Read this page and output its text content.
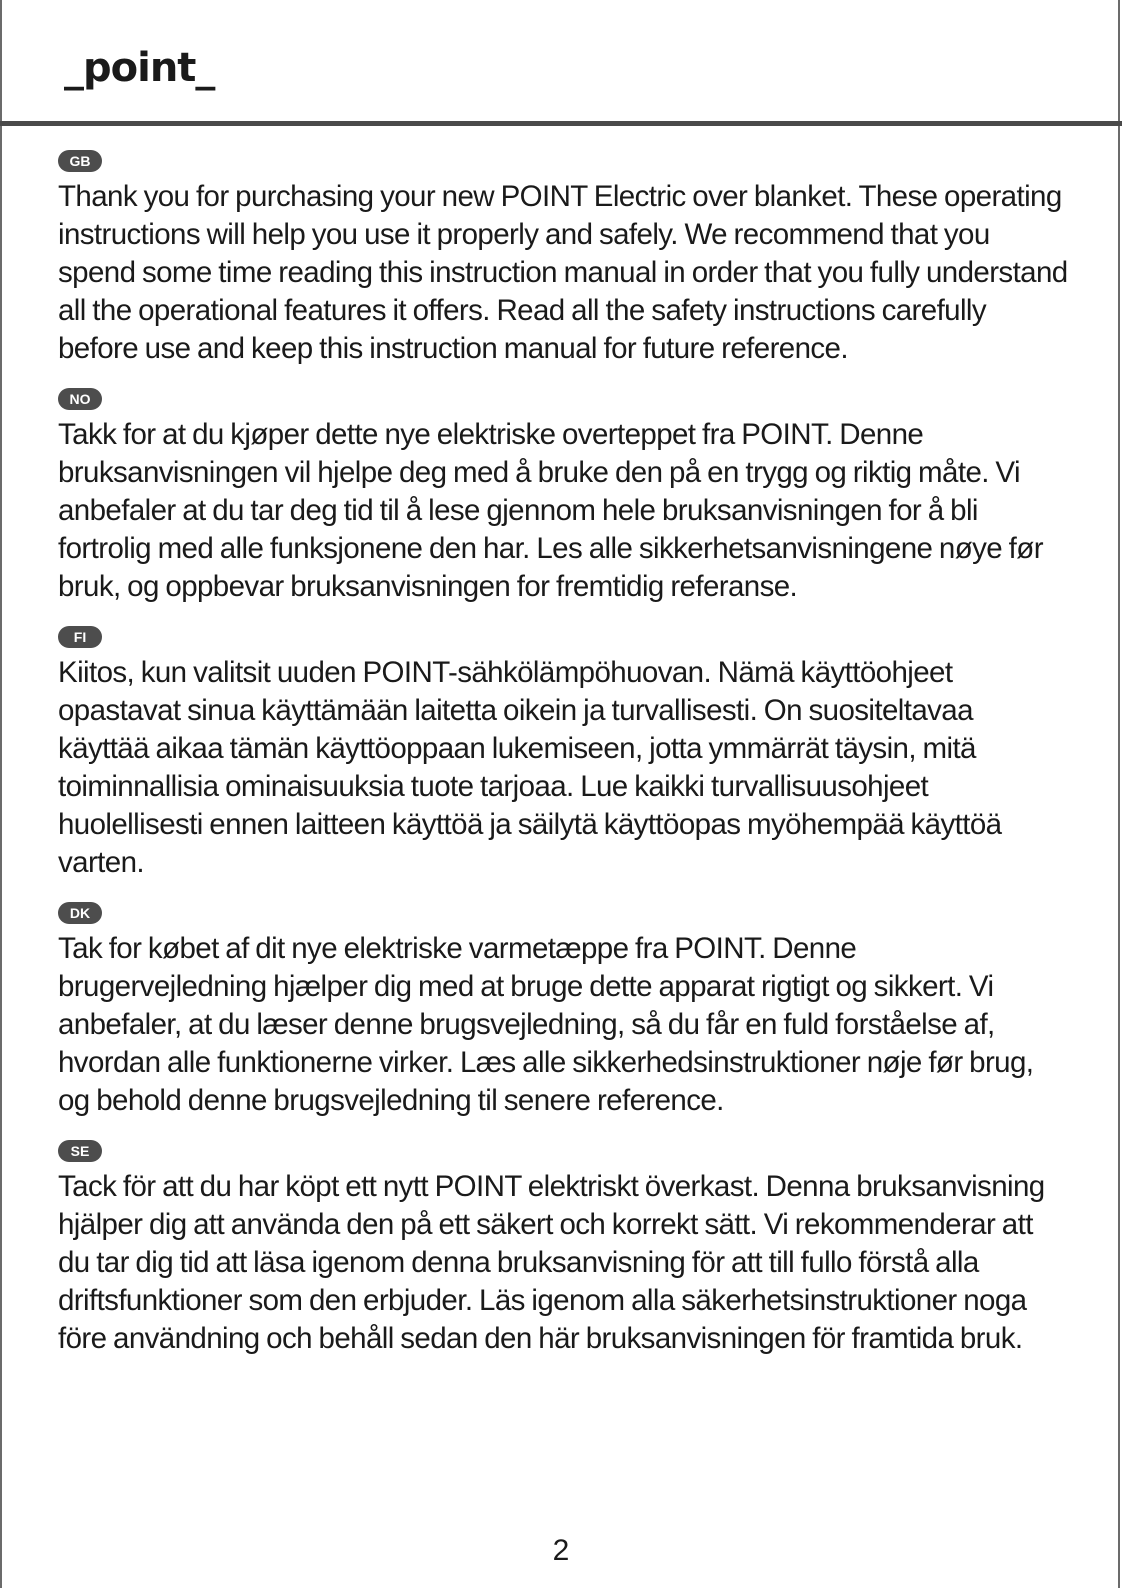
_point_
GB

Thank you for purchasing your new POINT Electric over blanket. These operating instructions will help you use it properly and safely. We recommend that you spend some time reading this instruction manual in order that you fully understand all the operational features it offers. Read all the safety instructions carefully before use and keep this instruction manual for future reference.

NO

Takk for at du kjøper dette nye elektriske overteppet fra POINT. Denne bruksanvisningen vil hjelpe deg med å bruke den på en trygg og riktig måte. Vi anbefaler at du tar deg tid til å lese gjennom hele bruksanvisningen for å bli fortrolig med alle funksjonene den har. Les alle sikkerhetsanvisningene nøye før bruk, og oppbevar bruksanvisningen for fremtidig referanse.

FI

Kiitos, kun valitsit uuden POINT-sähkölämpöhuovan. Nämä käyttöohjeet opastavat sinua käyttämään laitetta oikein ja turvallisesti. On suositeltavaa käyttää aikaa tämän käyttöoppaan lukemiseen, jotta ymmärrät täysin, mitä toiminnallisia ominaisuuksia tuote tarjoaa. Lue kaikki turvallisuusohjeet huolellisesti ennen laitteen käyttöä ja säilytä käyttöopas myöhempää käyttöä varten.

DK

Tak for købet af dit nye elektriske varmetæppe fra POINT. Denne brugervejledning hjælper dig med at bruge dette apparat rigtigt og sikkert. Vi anbefaler, at du læser denne brugsvejledning, så du får en fuld forståelse af, hvordan alle funktionerne virker. Læs alle sikkerhedsinstruktioner nøje før brug, og behold denne brugsvejledning til senere reference.

SE

Tack för att du har köpt ett nytt POINT elektriskt överkast. Denna bruksanvisning hjälper dig att använda den på ett säkert och korrekt sätt. Vi rekommenderar att du tar dig tid att läsa igenom denna bruksanvisning för att till fullo förstå alla driftsfunktioner som den erbjuder. Läs igenom alla säkerhetsinstruktioner noga före användning och behåll sedan den här bruksanvisningen för framtida bruk.

2
